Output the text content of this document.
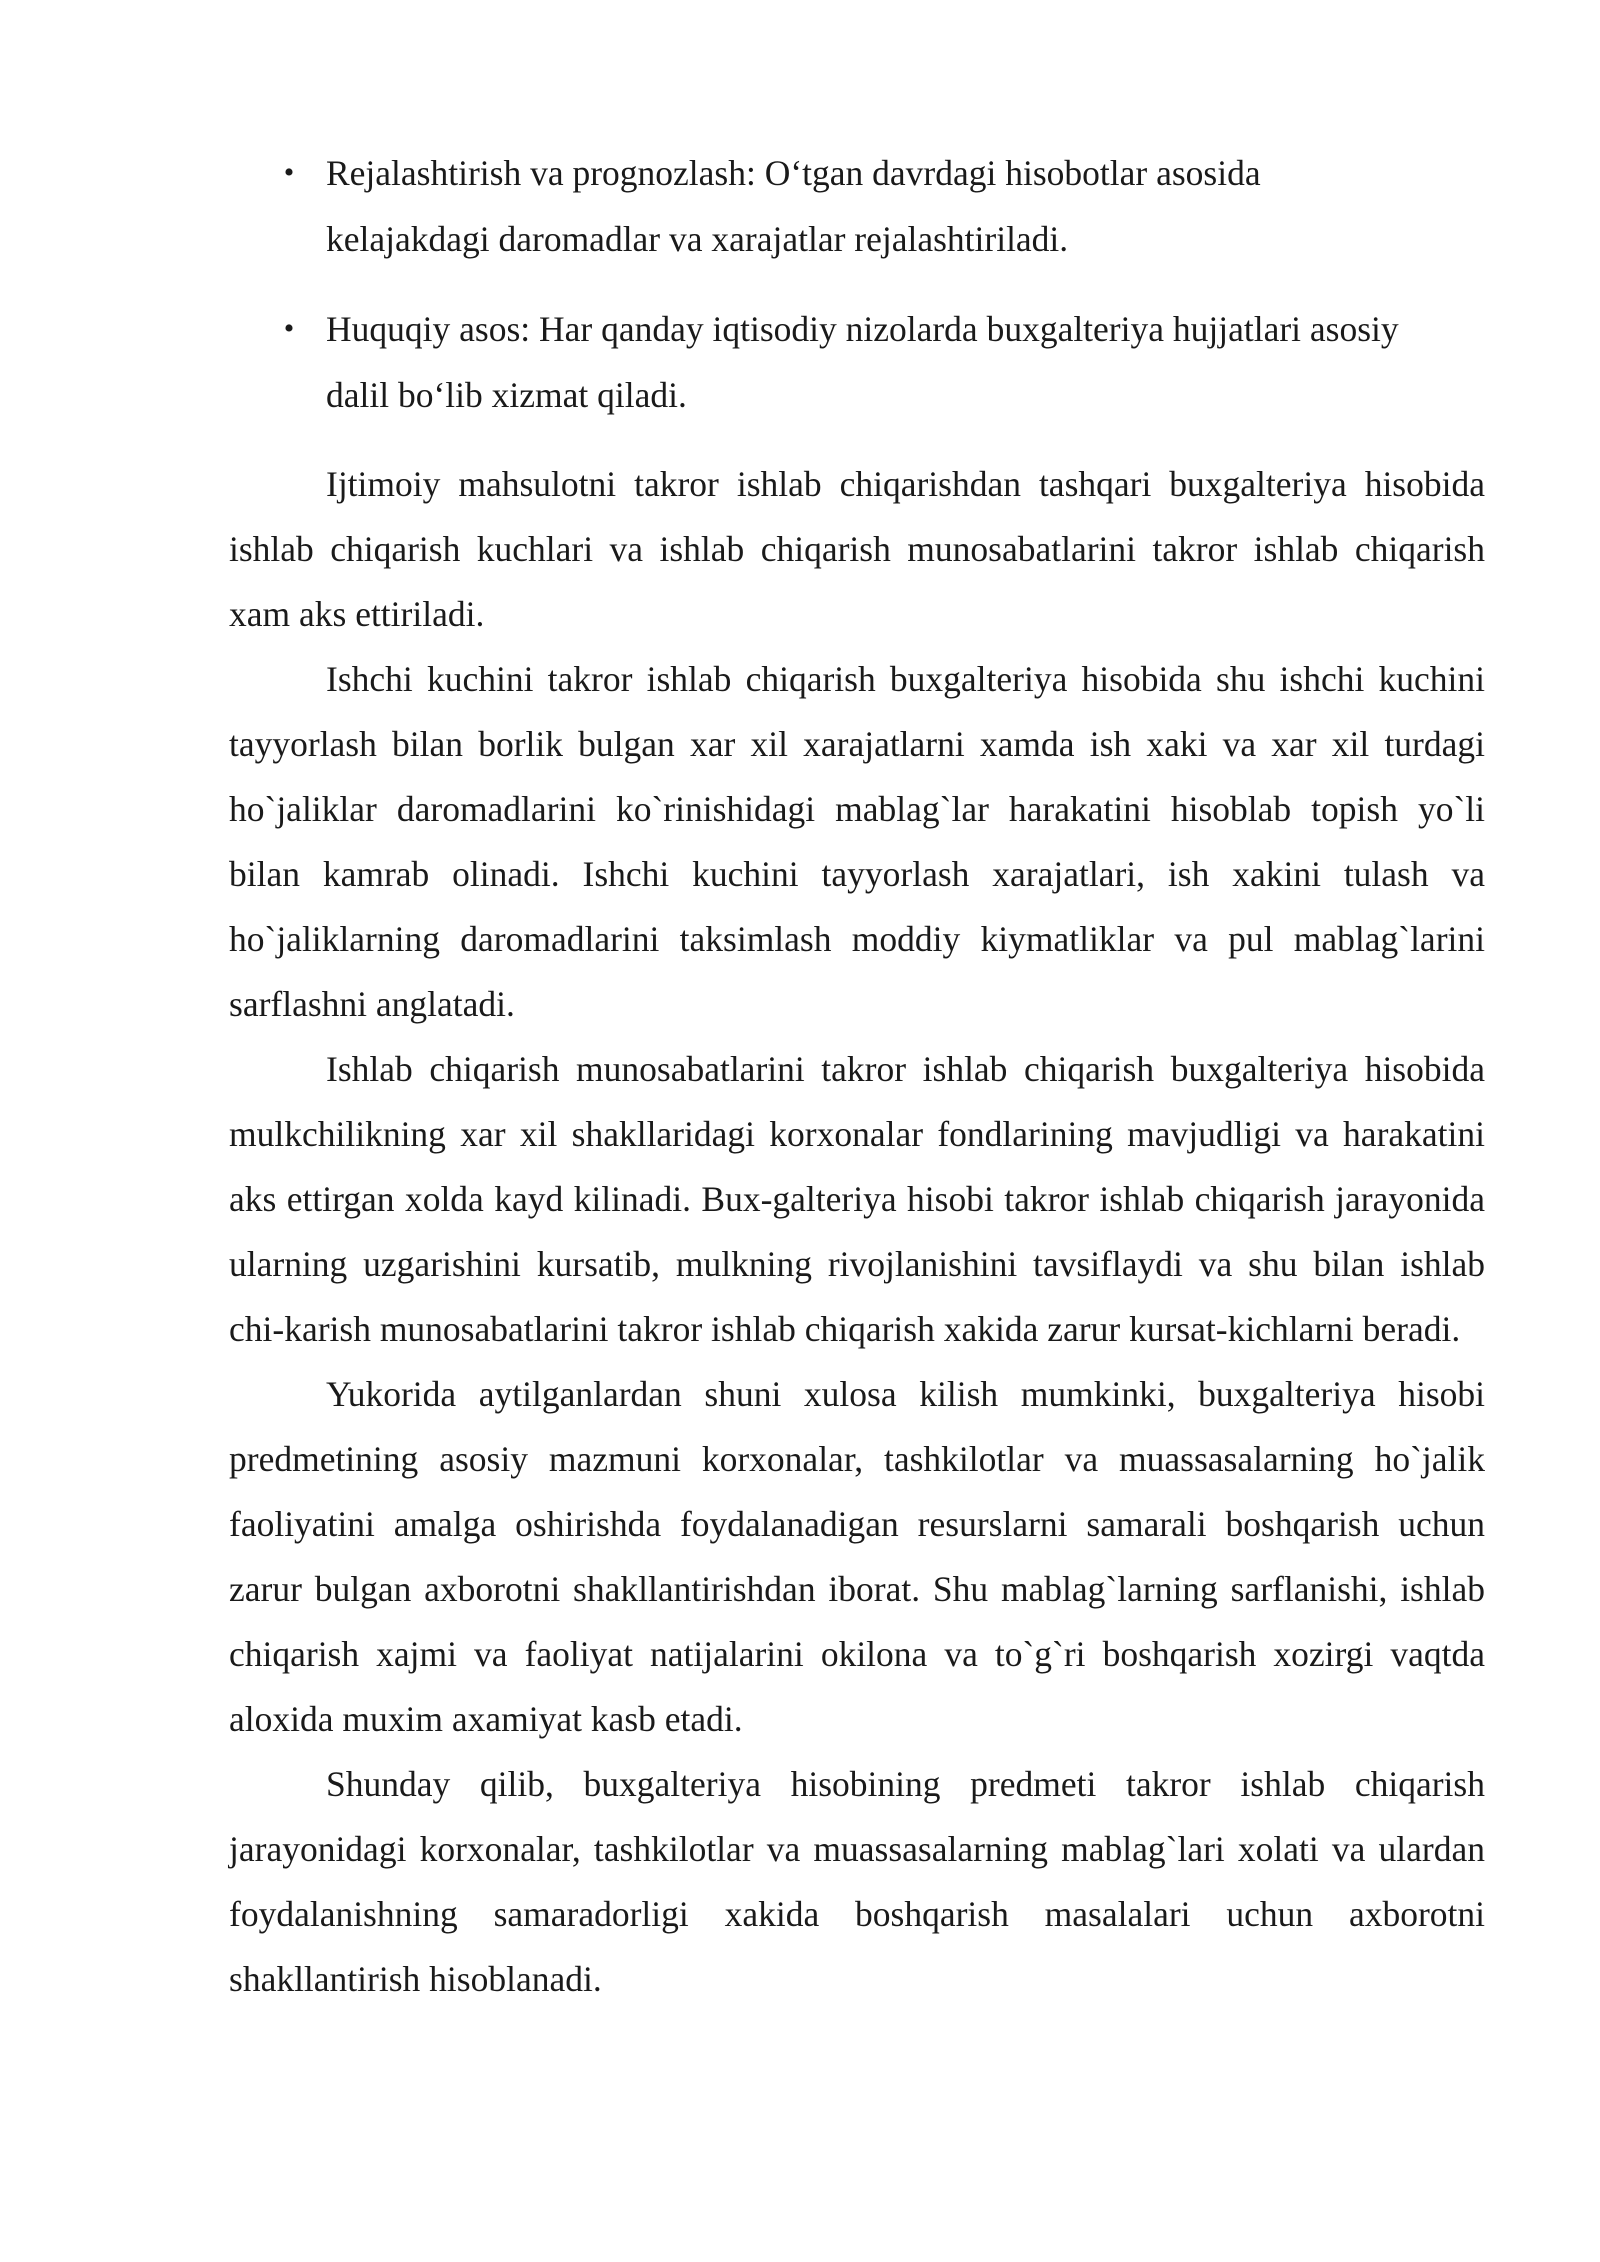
• Rejalashtirish va prognozlash: O‘tgan davrdagi hisobotlar asosida kelajakdagi daromadlar va xarajatlar rejalashtiriladi.
• Huquqiy asos: Har qanday iqtisodiy nizolarda buxgalteriya hujjatlari asosiy dalil bo‘lib xizmat qiladi.

Ijtimoiy mahsulotni takror ishlab chiqarishdan tashqari buxgalteriya hisobida ishlab chiqarish kuchlari va ishlab chiqarish munosabatlarini takror ishlab chiqarish xam aks ettiriladi.

Ishchi kuchini takror ishlab chiqarish buxgalteriya hisobida shu ishchi kuchini tayyorlash bilan borlik bulgan xar xil xarajatlarni xamda ish xaki va xar xil turdagi ho`jaliklar daromadlarini ko`rinishidagi mablag`lar harakatini hisoblab topish yo`li bilan kamrab olinadi. Ishchi kuchini tayyorlash xarajatlari, ish xakini tulash va ho`jaliklarning daromadlarini taksimlash moddiy kiymatliklar va pul mablag`larini sarflashni anglatadi.

Ishlab chiqarish munosabatlarini takror ishlab chiqarish buxgalteriya hisobida mulkchilikning xar xil shakllaridagi korxonalar fondlarining mavjudligi va harakatini aks ettirgan xolda kayd kilinadi. Bux-galteriya hisobi takror ishlab chiqarish jarayonida ularning uzgarishini kursatib, mulkning rivojlanishini tavsiflaydi va shu bilan ishlab chi-karish munosabatlarini takror ishlab chiqarish xakida zarur kursat-kichlarni beradi.

Yukorida aytilganlardan shuni xulosa kilish mumkinki, buxgalteriya hisobi predmetining asosiy mazmuni korxonalar, tashkilotlar va muassasalarning ho`jalik faoliyatini amalga oshirishda foydalanadigan resurslarni samarali boshqarish uchun zarur bulgan axborotni shakllantirishdan iborat. Shu mablag`larning sarflanishi, ishlab chiqarish xajmi va faoliyat natijalarini okilona va to`g`ri boshqarish xozirgi vaqtda aloxida muxim axamiyat kasb etadi.

Shunday qilib, buxgalteriya hisobining predmeti takror ishlab chiqarish jarayonidagi korxonalar, tashkilotlar va muassasalarning mablag`lari xolati va ulardan foydalanishning samaradorligi xakida boshqarish masalalari uchun axborotni shakllantirish hisoblanadi.
